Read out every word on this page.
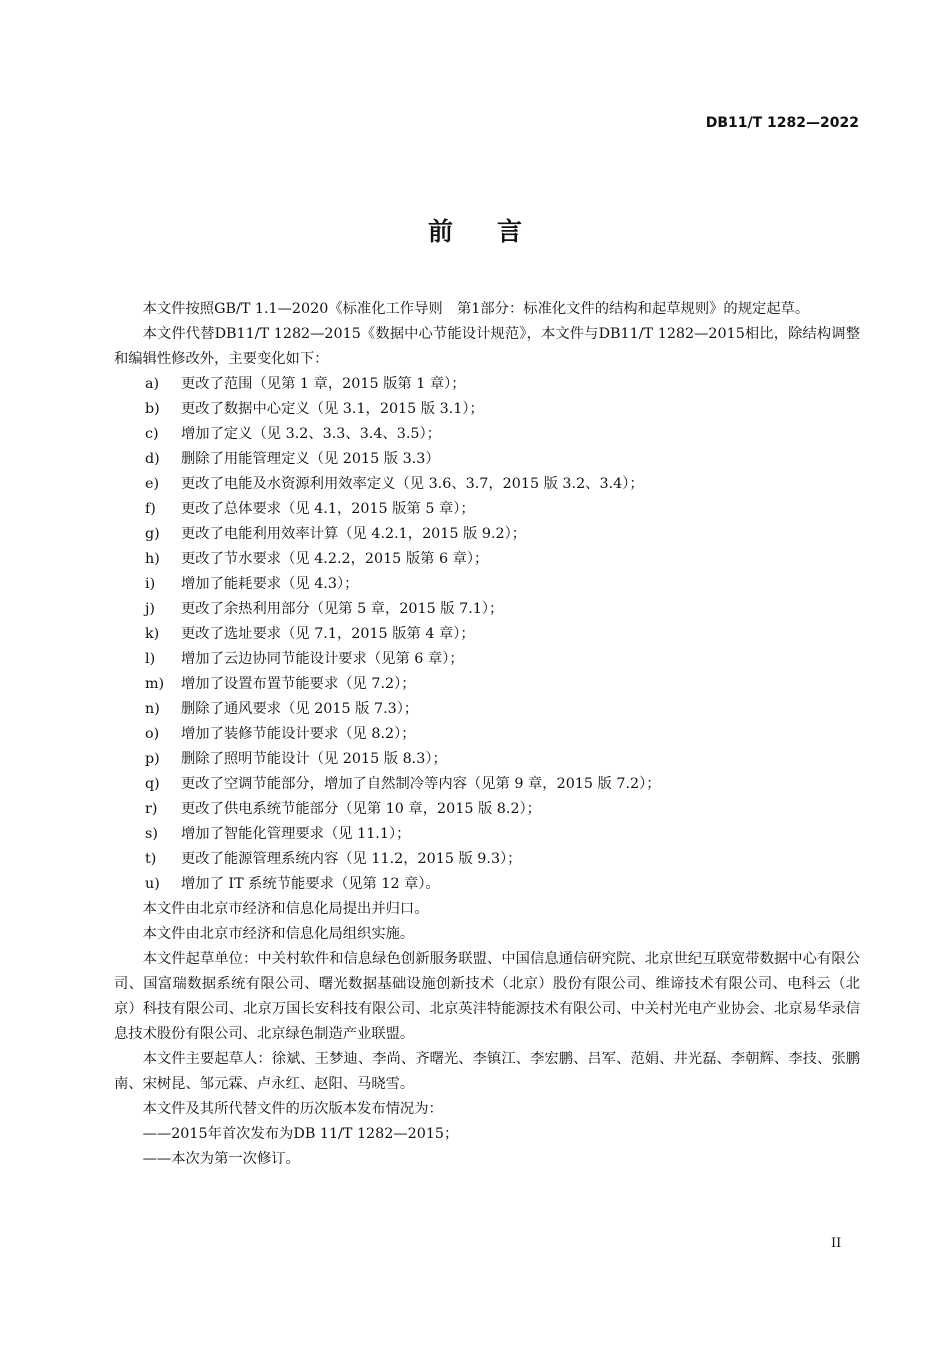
DB11/T 1282—2022
前言

本文件按照GB/T 1.1—2020《标准化工作导则　第1部分：标准化文件的结构和起草规则》的规定起草。

本文件代替DB11/T 1282—2015《数据中心节能设计规范》，本文件与DB11/T 1282—2015相比，除结构调整和编辑性修改外，主要变化如下：

a)	更改了范围（见第 1 章，2015 版第 1 章）；
b)	更改了数据中心定义（见 3.1，2015 版 3.1）；
c)	增加了定义（见 3.2、3.3、3.4、3.5）；
d)	删除了用能管理定义（见 2015 版 3.3）
e)	更改了电能及水资源利用效率定义（见 3.6、3.7，2015 版 3.2、3.4）；
f)	更改了总体要求（见 4.1，2015 版第 5 章）；
g)	更改了电能利用效率计算（见 4.2.1，2015 版 9.2）；
h)	更改了节水要求（见 4.2.2，2015 版第 6 章）；
i)	增加了能耗要求（见 4.3）；
j)	更改了余热利用部分（见第 5 章，2015 版 7.1）；
k)	更改了选址要求（见 7.1，2015 版第 4 章）；
l)	增加了云边协同节能设计要求（见第 6 章）；
m)	增加了设置布置节能要求（见 7.2）；
n)	删除了通风要求（见 2015 版 7.3）；
o)	增加了装修节能设计要求（见 8.2）；
p)	删除了照明节能设计（见 2015 版 8.3）；
q)	更改了空调节能部分，增加了自然制冷等内容（见第 9 章，2015 版 7.2）；
r)	更改了供电系统节能部分（见第 10 章，2015 版 8.2）；
s)	增加了智能化管理要求（见 11.1）；
t)	更改了能源管理系统内容（见 11.2，2015 版 9.3）；
u)	增加了 IT 系统节能要求（见第 12 章）。

本文件由北京市经济和信息化局提出并归口。

本文件由北京市经济和信息化局组织实施。

本文件起草单位：中关村软件和信息绿色创新服务联盟、中国信息通信研究院、北京世纪互联宽带数据中心有限公司、国富瑞数据系统有限公司、曙光数据基础设施创新技术（北京）股份有限公司、维谛技术有限公司、电科云（北京）科技有限公司、北京万国长安科技有限公司、北京英沣特能源技术有限公司、中关村光电产业协会、北京易华录信息技术股份有限公司、北京绿色制造产业联盟。

本文件主要起草人：徐斌、王梦迪、李尚、齐曙光、李镇江、李宏鹏、吕军、范娟、井光磊、李朝辉、李技、张鹏南、宋树昆、邹元霖、卢永红、赵阳、马晓雪。

本文件及其所代替文件的历次版本发布情况为：

——2015年首次发布为DB 11/T 1282—2015；

——本次为第一次修订。

II
